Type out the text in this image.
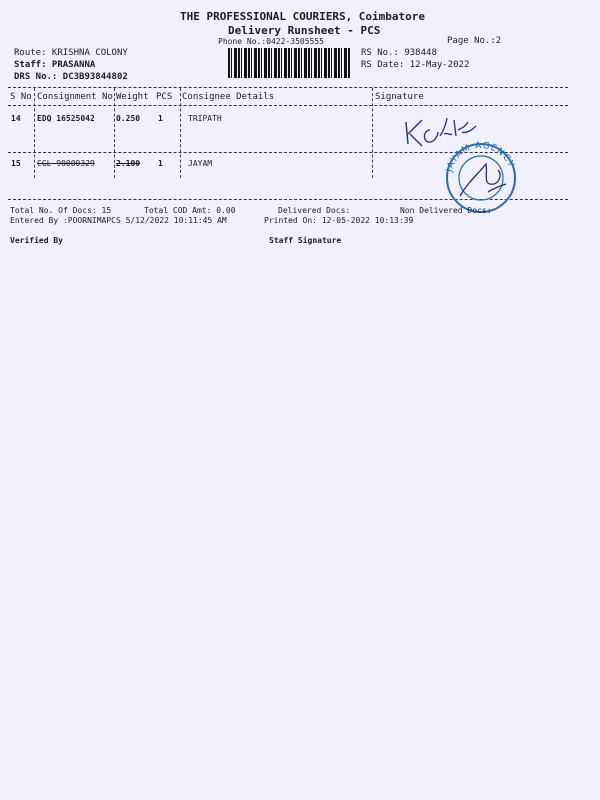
THE PROFESSIONAL COURIERS, Coimbatore
Delivery Runsheet - PCS
Phone No.:0422-3505555	Page No.:2
Route: KRISHNA COLONY
Staff: PRASANNA
DRS No.: DC3B93844802
RS No.: 938448
RS Date: 12-May-2022
S No Consignment No Weight PCS Consignee Details	Signature
14 EDQ 16525042	0.250 1	TRIPATH
15 CGL 90000329	2.100 1	JAYAM
JAYAM AGENCY
Total No. Of Docs: 15	Total COD Amt: 0.00	Delivered Docs:	Non Delivered Docs:
Entered By :POORNIMAPCS 5/12/2022 10:11:45 AM	Printed On: 12-05-2022 10:13:39
Verified By	Staff Signature
